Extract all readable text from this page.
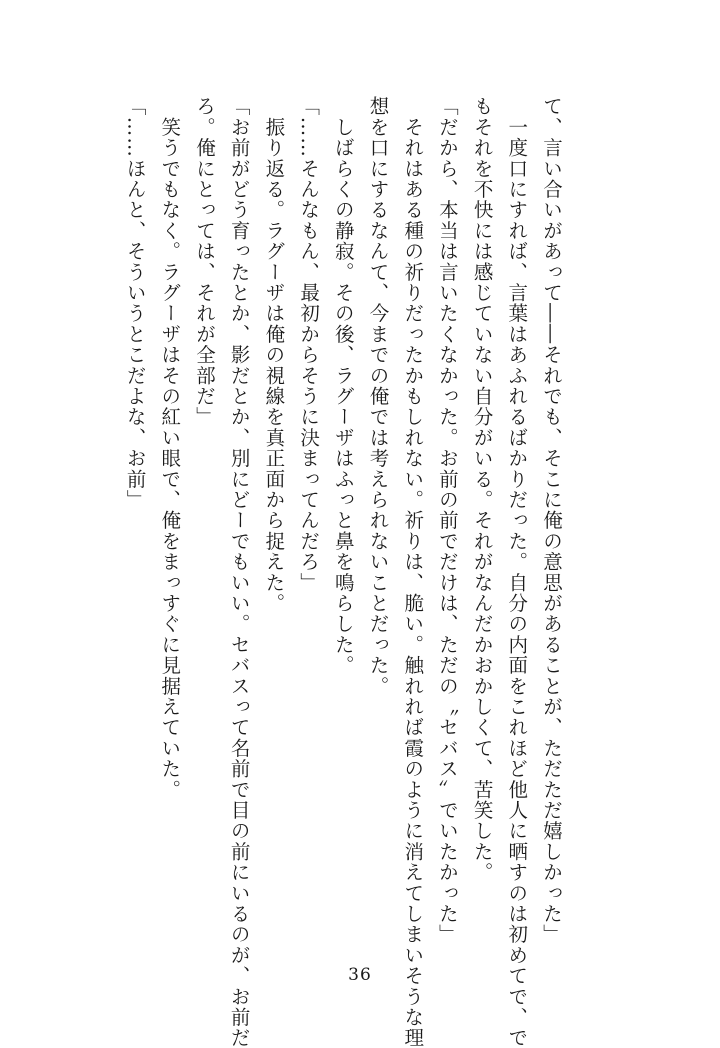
て、言い合いがあって――それでも、そこに俺の意思があることが、ただただ嬉しかった」
　一度口にすれば、言葉はあふれるばかりだった。自分の内面をこれほど他人に晒すのは初めてで、で
もそれを不快には感じていない自分がいる。それがなんだかおかしくて、苦笑した。
「だから、本当は言いたくなかった。お前の前でだけは、ただの〝セバス〟でいたかった」
　それはある種の祈りだったかもしれない。祈りは、脆い。触れれば霞のように消えてしまいそうな理
想を口にするなんて、今までの俺では考えられないことだった。
　しばらくの静寂。その後、ラグーザはふっと鼻を鳴らした。
「……そんなもん、最初からそうに決まってんだろ」
　振り返る。ラグーザは俺の視線を真正面から捉えた。
「お前がどう育ったとか、影だとか、別にどーでもいい。セバスって名前で目の前にいるのが、お前だ
ろ。俺にとっては、それが全部だ」
　笑うでもなく。ラグーザはその紅い眼で、俺をまっすぐに見据えていた。
「……ほんと、そういうとこだよな、お前」
36
